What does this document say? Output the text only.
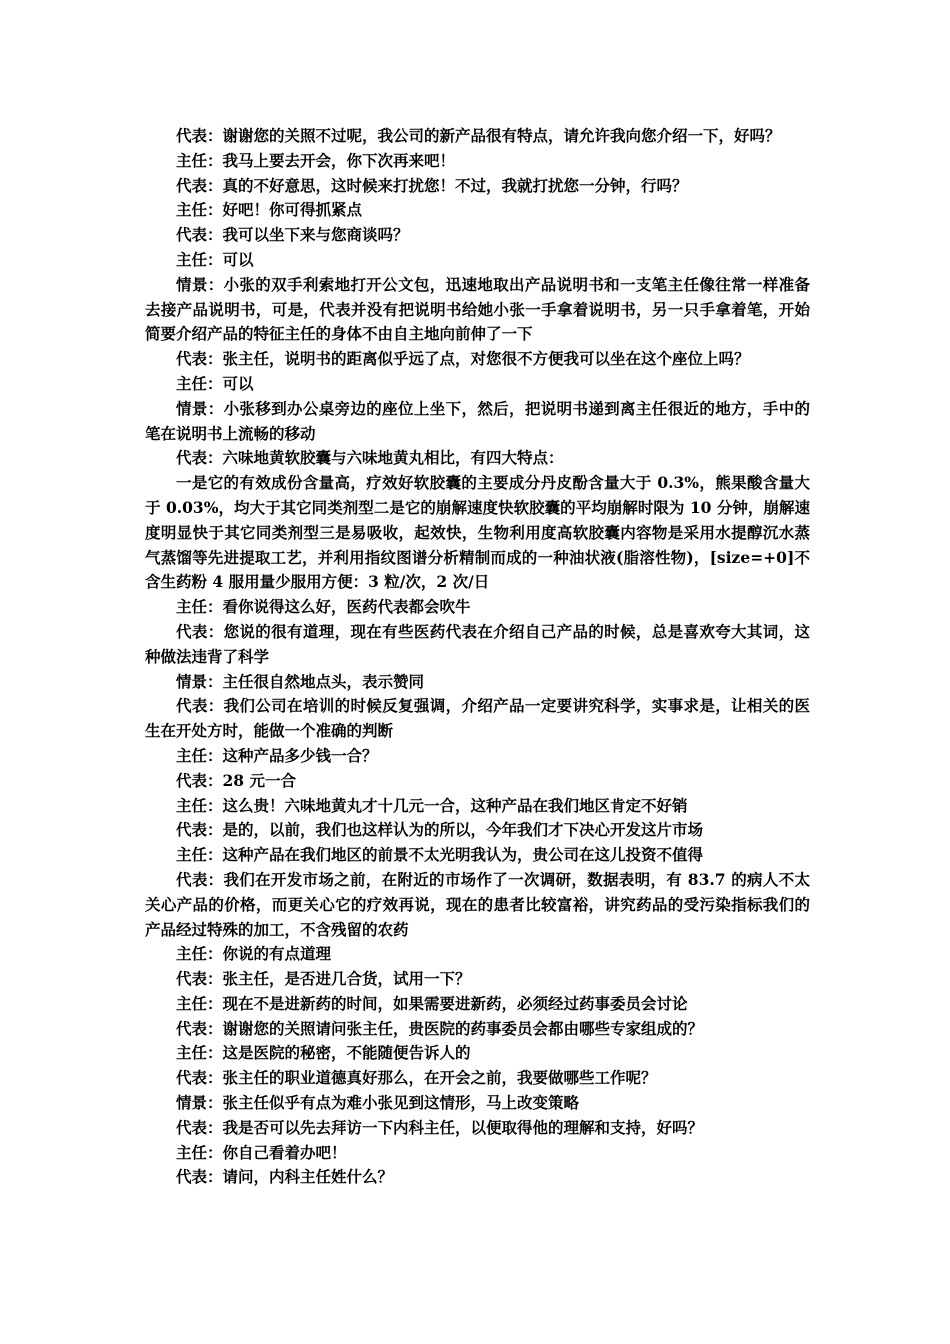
代表：谢谢您的关照不过呢，我公司的新产品很有特点，请允许我向您介绍一下，好吗？

主任：我马上要去开会，你下次再来吧！

代表：真的不好意思，这时候来打扰您！不过，我就打扰您一分钟，行吗？

主任：好吧！你可得抓紧点

代表：我可以坐下来与您商谈吗？

主任：可以

情景：小张的双手利索地打开公文包，迅速地取出产品说明书和一支笔主任像往常一样准备去接产品说明书，可是，代表并没有把说明书给她小张一手拿着说明书，另一只手拿着笔，开始简要介绍产品的特征主任的身体不由自主地向前伸了一下

代表：张主任，说明书的距离似乎远了点，对您很不方便我可以坐在这个座位上吗？

主任：可以

情景：小张移到办公桌旁边的座位上坐下，然后，把说明书递到离主任很近的地方，手中的笔在说明书上流畅的移动

代表：六味地黄软胶囊与六味地黄丸相比，有四大特点：

一是它的有效成份含量高，疗效好软胶囊的主要成分丹皮酚含量大于 0.3%，熊果酸含量大于 0.03%，均大于其它同类剂型二是它的崩解速度快软胶囊的平均崩解时限为 10 分钟，崩解速度明显快于其它同类剂型三是易吸收，起效快，生物利用度高软胶囊内容物是采用水提醇沉水蒸气蒸馏等先进提取工艺，并利用指纹图谱分析精制而成的一种油状液(脂溶性物)，[size=+0]不含生药粉 4 服用量少服用方便：3 粒/次，2 次/日

主任：看你说得这么好，医药代表都会吹牛

代表：您说的很有道理，现在有些医药代表在介绍自己产品的时候，总是喜欢夸大其词，这种做法违背了科学

情景：主任很自然地点头，表示赞同

代表：我们公司在培训的时候反复强调，介绍产品一定要讲究科学，实事求是，让相关的医生在开处方时，能做一个准确的判断

主任：这种产品多少钱一合？

代表：28 元一合

主任：这么贵！六味地黄丸才十几元一合，这种产品在我们地区肯定不好销

代表：是的，以前，我们也这样认为的所以，今年我们才下决心开发这片市场

主任：这种产品在我们地区的前景不太光明我认为，贵公司在这儿投资不值得

代表：我们在开发市场之前，在附近的市场作了一次调研，数据表明，有 83.7 的病人不太关心产品的价格，而更关心它的疗效再说，现在的患者比较富裕，讲究药品的受污染指标我们的产品经过特殊的加工，不含残留的农药

主任：你说的有点道理

代表：张主任，是否进几合货，试用一下？

主任：现在不是进新药的时间，如果需要进新药，必须经过药事委员会讨论

代表：谢谢您的关照请问张主任，贵医院的药事委员会都由哪些专家组成的？

主任：这是医院的秘密，不能随便告诉人的

代表：张主任的职业道德真好那么，在开会之前，我要做哪些工作呢？

情景：张主任似乎有点为难小张见到这情形，马上改变策略

代表：我是否可以先去拜访一下内科主任，以便取得他的理解和支持，好吗？

主任：你自己看着办吧！

代表：请问，内科主任姓什么？
